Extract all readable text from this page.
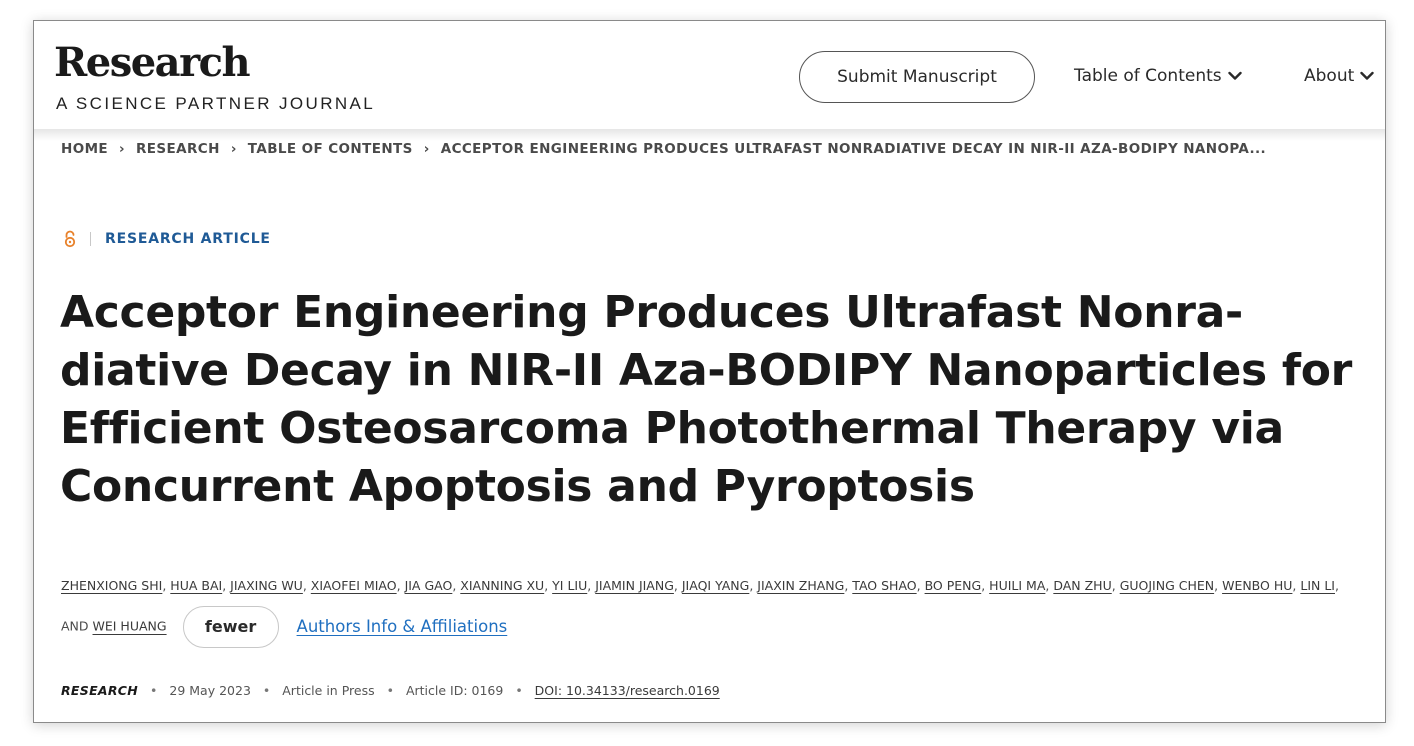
Research
A SCIENCE PARTNER JOURNAL
Submit Manuscript	Table of Contents	About
HOME › RESEARCH › TABLE OF CONTENTS › ACCEPTOR ENGINEERING PRODUCES ULTRAFAST NONRADIATIVE DECAY IN NIR-II AZA-BODIPY NANOPA...
RESEARCH ARTICLE
Acceptor Engineering Produces Ultrafast Nonra-diative Decay in NIR-II Aza-BODIPY Nanoparticles for Efficient Osteosarcoma Photothermal Therapy via Concurrent Apoptosis and Pyroptosis
ZHENXIONG SHI, HUA BAI, JIAXING WU, XIAOFEI MIAO, JIA GAO, XIANNING XU, YI LIU, JIAMIN JIANG, JIAQI YANG, JIAXIN ZHANG, TAO SHAO, BO PENG, HUILI MA, DAN ZHU, GUOJING CHEN, WENBO HU, LIN LI, AND WEI HUANG fewer Authors Info & Affiliations
RESEARCH • 29 May 2023 • Article in Press • Article ID: 0169 • DOI: 10.34133/research.0169
